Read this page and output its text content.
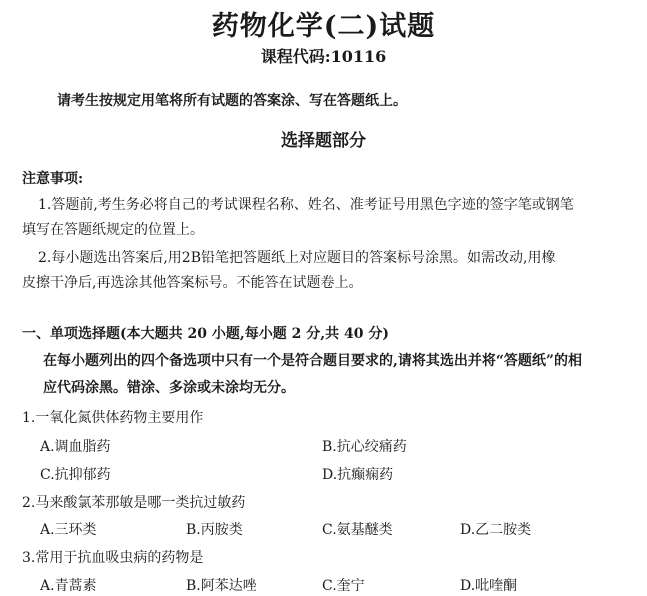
药物化学(二)试题
课程代码:10116
请考生按规定用笔将所有试题的答案涂、写在答题纸上。
选择题部分
注意事项:
1.答题前,考生务必将自己的考试课程名称、姓名、准考证号用黑色字迹的签字笔或钢笔
填写在答题纸规定的位置上。
2.每小题选出答案后,用2B铅笔把答题纸上对应题目的答案标号涂黑。如需改动,用橡
皮擦干净后,再选涂其他答案标号。不能答在试题卷上。
一、单项选择题(本大题共 20 小题,每小题 2 分,共 40 分)
在每小题列出的四个备选项中只有一个是符合题目要求的,请将其选出并将“答题纸”的相
应代码涂黑。错涂、多涂或未涂均无分。
1.一氧化氮供体药物主要用作
A.调血脂药	B.抗心绞痛药
C.抗抑郁药	D.抗癫痫药
2.马来酸氯苯那敏是哪一类抗过敏药
A.三环类	B.丙胺类	C.氨基醚类	D.乙二胺类
3.常用于抗血吸虫病的药物是
A.青蒿素	B.阿苯达唑	C.奎宁	D.吡喹酮
